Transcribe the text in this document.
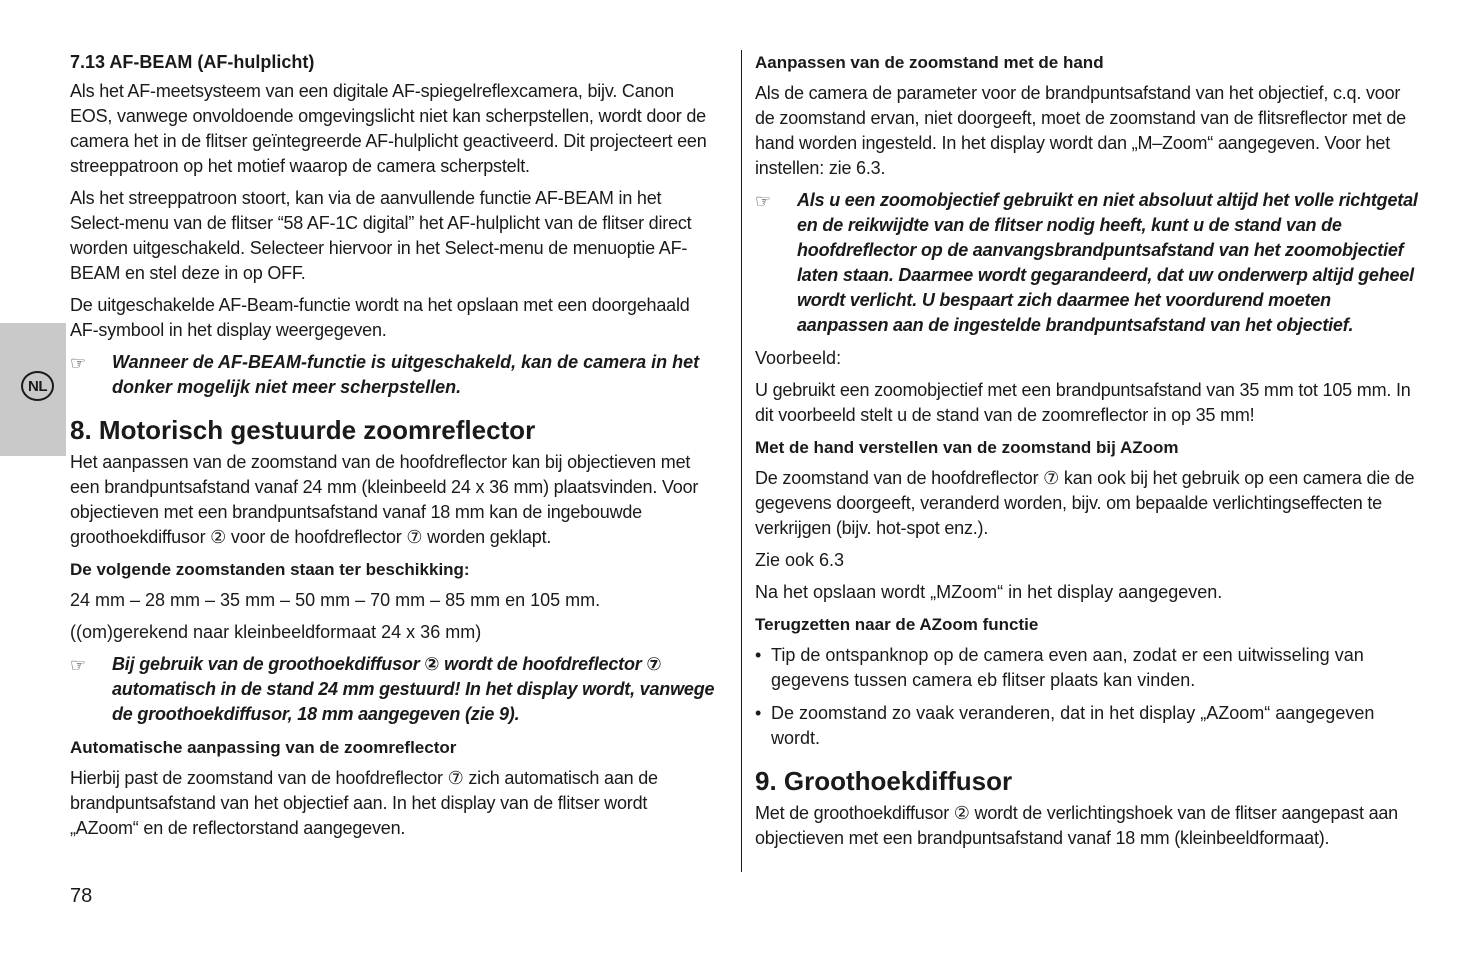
NL
7.13 AF-BEAM (AF-hulplicht)

Als het AF-meetsysteem van een digitale AF-spiegelreflexcamera, bijv. Canon EOS, vanwege onvoldoende omgevingslicht niet kan scherpstellen, wordt door de camera het in de flitser geïntegreerde AF-hulplicht geactiveerd. Dit projecteert een streeppatroon op het motief waarop de camera scherpstelt.

Als het streeppatroon stoort, kan via de aanvullende functie AF-BEAM in het Select-menu van de flitser “58 AF-1C digital” het AF-hulplicht van de flitser direct worden uitgeschakeld. Selecteer hiervoor in het Select-menu de menuoptie AF-BEAM en stel deze in op OFF.

De uitgeschakelde AF-Beam-functie wordt na het opslaan met een doorgehaald AF-symbool in het display weergegeven.

☞	Wanneer de AF-BEAM-functie is uitgeschakeld, kan de camera in het donker mogelijk niet meer scherpstellen.
8. Motorisch gestuurde zoomreflector

Het aanpassen van de zoomstand van de hoofdreflector kan bij objectieven met een brandpuntsafstand vanaf 24 mm (kleinbeeld 24 x 36 mm) plaatsvinden. Voor objectieven met een brandpuntsafstand vanaf 18 mm kan de ingebouwde groothoekdiffusor ② voor de hoofdreflector ⑦ worden geklapt.

De volgende zoomstanden staan ter beschikking:

24 mm – 28 mm – 35 mm – 50 mm – 70 mm – 85 mm en 105 mm.

((om)gerekend naar kleinbeeldformaat 24 x 36 mm)

☞	Bij gebruik van de groothoekdiffusor ② wordt de hoofdreflector ⑦ automatisch in de stand 24 mm gestuurd! In het display wordt, vanwege de groothoekdiffusor, 18 mm aangegeven (zie 9).
Automatische aanpassing van de zoomreflector

Hierbij past de zoomstand van de hoofdreflector ⑦ zich automatisch aan de brandpuntsafstand van het objectief aan. In het display van de flitser wordt „AZoom“ en de reflectorstand aangegeven.

Aanpassen van de zoomstand met de hand

Als de camera de parameter voor de brandpuntsafstand van het objectief, c.q. voor de zoomstand ervan, niet doorgeeft, moet de zoomstand van de flitsreflector met de hand worden ingesteld. In het display wordt dan „M–Zoom“ aangegeven. Voor het instellen: zie 6.3.

☞	Als u een zoomobjectief gebruikt en niet absoluut altijd het volle richtgetal en de reikwijdte van de flitser nodig heeft, kunt u de stand van de hoofdreflector op de aanvangsbrandpuntsafstand van het zoomobjectief laten staan. Daarmee wordt gegarandeerd, dat uw onderwerp altijd geheel wordt verlicht. U bespaart zich daarmee het voordurend moeten aanpassen aan de ingestelde brandpuntsafstand van het objectief.

Voorbeeld:

U gebruikt een zoomobjectief met een brandpuntsafstand van 35 mm tot 105 mm. In dit voorbeeld stelt u de stand van de zoomreflector in op 35 mm!

Met de hand verstellen van de zoomstand bij AZoom

De zoomstand van de hoofdreflector ⑦ kan ook bij het gebruik op een camera die de gegevens doorgeeft, veranderd worden, bijv. om bepaalde verlichtingseffecten te verkrijgen (bijv. hot-spot enz.).

Zie ook 6.3

Na het opslaan wordt „MZoom“ in het display aangegeven.

Terugzetten naar de AZoom functie
• Tip de ontspanknop op de camera even aan, zodat er een uitwisseling van gegevens tussen camera eb flitser plaats kan vinden.
• De zoomstand zo vaak veranderen, dat in het display „AZoom“ aangegeven wordt.
9. Groothoekdiffusor

Met de groothoekdiffusor ② wordt de verlichtingshoek van de flitser aangepast aan objectieven met een brandpuntsafstand vanaf 18 mm (kleinbeeldformaat).

78
